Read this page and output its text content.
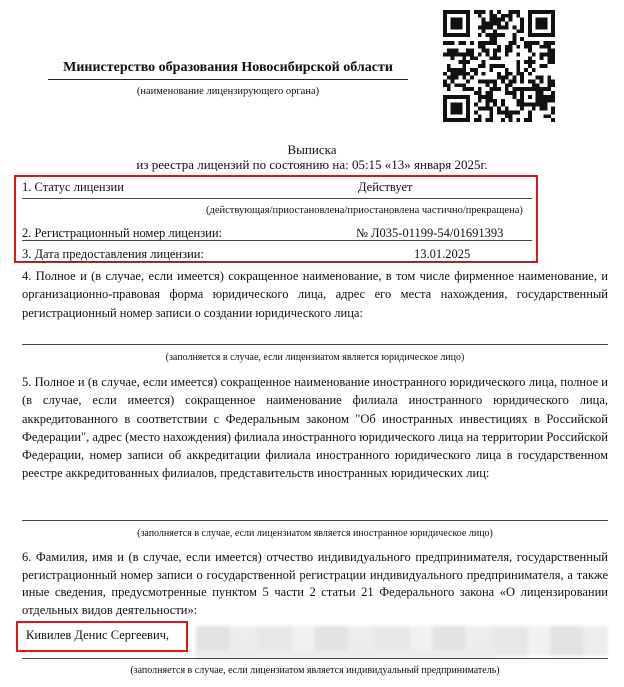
Министерство образования Новосибирской области
(наименование лицензирующего органа)
Выписка
из реестра лицензий по состоянию на: 05:15 «13» января 2025г.
1. Статус лицензии	Действует
(действующая/приостановлена/приостановлена частично/прекращена)
2. Регистрационный номер лицензии:	№ Л035-01199-54/01691393
3. Дата предоставления лицензии:	13.01.2025
4. Полное и (в случае, если имеется) сокращенное наименование, в том числе фирменное наименование, и организационно-правовая форма юридического лица, адрес его места нахождения, государственный регистрационный номер записи о создании юридического лица:
(заполняется в случае, если лицензиатом является юридическое лицо)
5. Полное и (в случае, если имеется) сокращенное наименование иностранного юридического лица, полное и (в случае, если имеется) сокращенное наименование филиала иностранного юридического лица, аккредитованного в соответствии с Федеральным законом "Об иностранных инвестициях в Российской Федерации", адрес (место нахождения) филиала иностранного юридического лица на территории Российской Федерации, номер записи об аккредитации филиала иностранного юридического лица в государственном реестре аккредитованных филиалов, представительств иностранных юридических лиц:
(заполняется в случае, если лицензиатом является иностранное юридическое лицо)
6. Фамилия, имя и (в случае, если имеется) отчество индивидуального предпринимателя, государственный регистрационный номер записи о государственной регистрации индивидуального предпринимателя, а также иные сведения, предусмотренные пунктом 5 части 2 статьи 21 Федерального закона «О лицензировании отдельных видов деятельности»:
Кивилев Денис Сергеевич,
(заполняется в случае, если лицензиатом является индивидуальный предприниматель)
